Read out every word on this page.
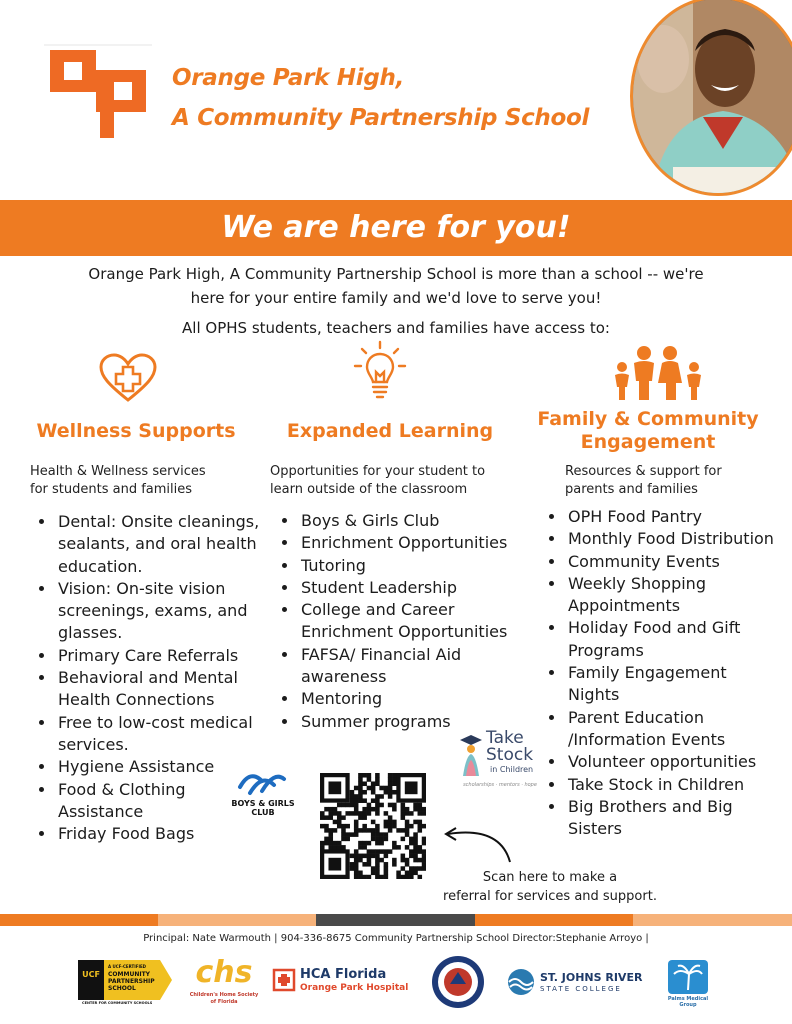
Orange Park High,
A Community Partnership School
We are here for you!
Orange Park High, A Community Partnership School is more than a school -- we're
here for your entire family and we'd love to serve you!
All OPHS students, teachers and families have access to:
Wellness Supports	Expanded Learning
Family & Community
Engagement
Health & Wellness services
for students and families
Opportunities for your student to
learn outside of the classroom
Resources & support for
parents and families
• Dental: Onsite cleanings, sealants, and oral health education.
• Vision: On-site vision screenings, exams, and glasses.
• Primary Care Referrals
• Behavioral and Mental Health Connections
• Free to low-cost medical services.
• Hygiene Assistance
• Food & Clothing Assistance
• Friday Food Bags
• Boys & Girls Club
• Enrichment Opportunities
• Tutoring
• Student Leadership
• College and Career Enrichment Opportunities
• FAFSA/ Financial Aid awareness
• Mentoring
• Summer programs
• OPH Food Pantry
• Monthly Food Distribution
• Community Events
• Weekly Shopping Appointments
• Holiday Food and Gift Programs
• Family Engagement Nights
• Parent Education /Information Events
• Volunteer opportunities
• Take Stock in Children
• Big Brothers and Big Sisters
Take
Stock
in Children
scholarships · mentors · hope
BOYS & GIRLS CLUB
Scan here to make a
referral for services and support.
Principal: Nate Warmouth | 904-336-8675 Community Partnership School Director:Stephanie Arroyo |
UCF
A UCF-CERTIFIED
COMMUNITY
PARTNERSHIP
SCHOOL
CENTER FOR COMMUNITY SCHOOLS
chs
Children's Home Society
of Florida
HCA Florida
Orange Park Hospital
ST. JOHNS RIVER
STATE COLLEGE
Palms Medical Group
